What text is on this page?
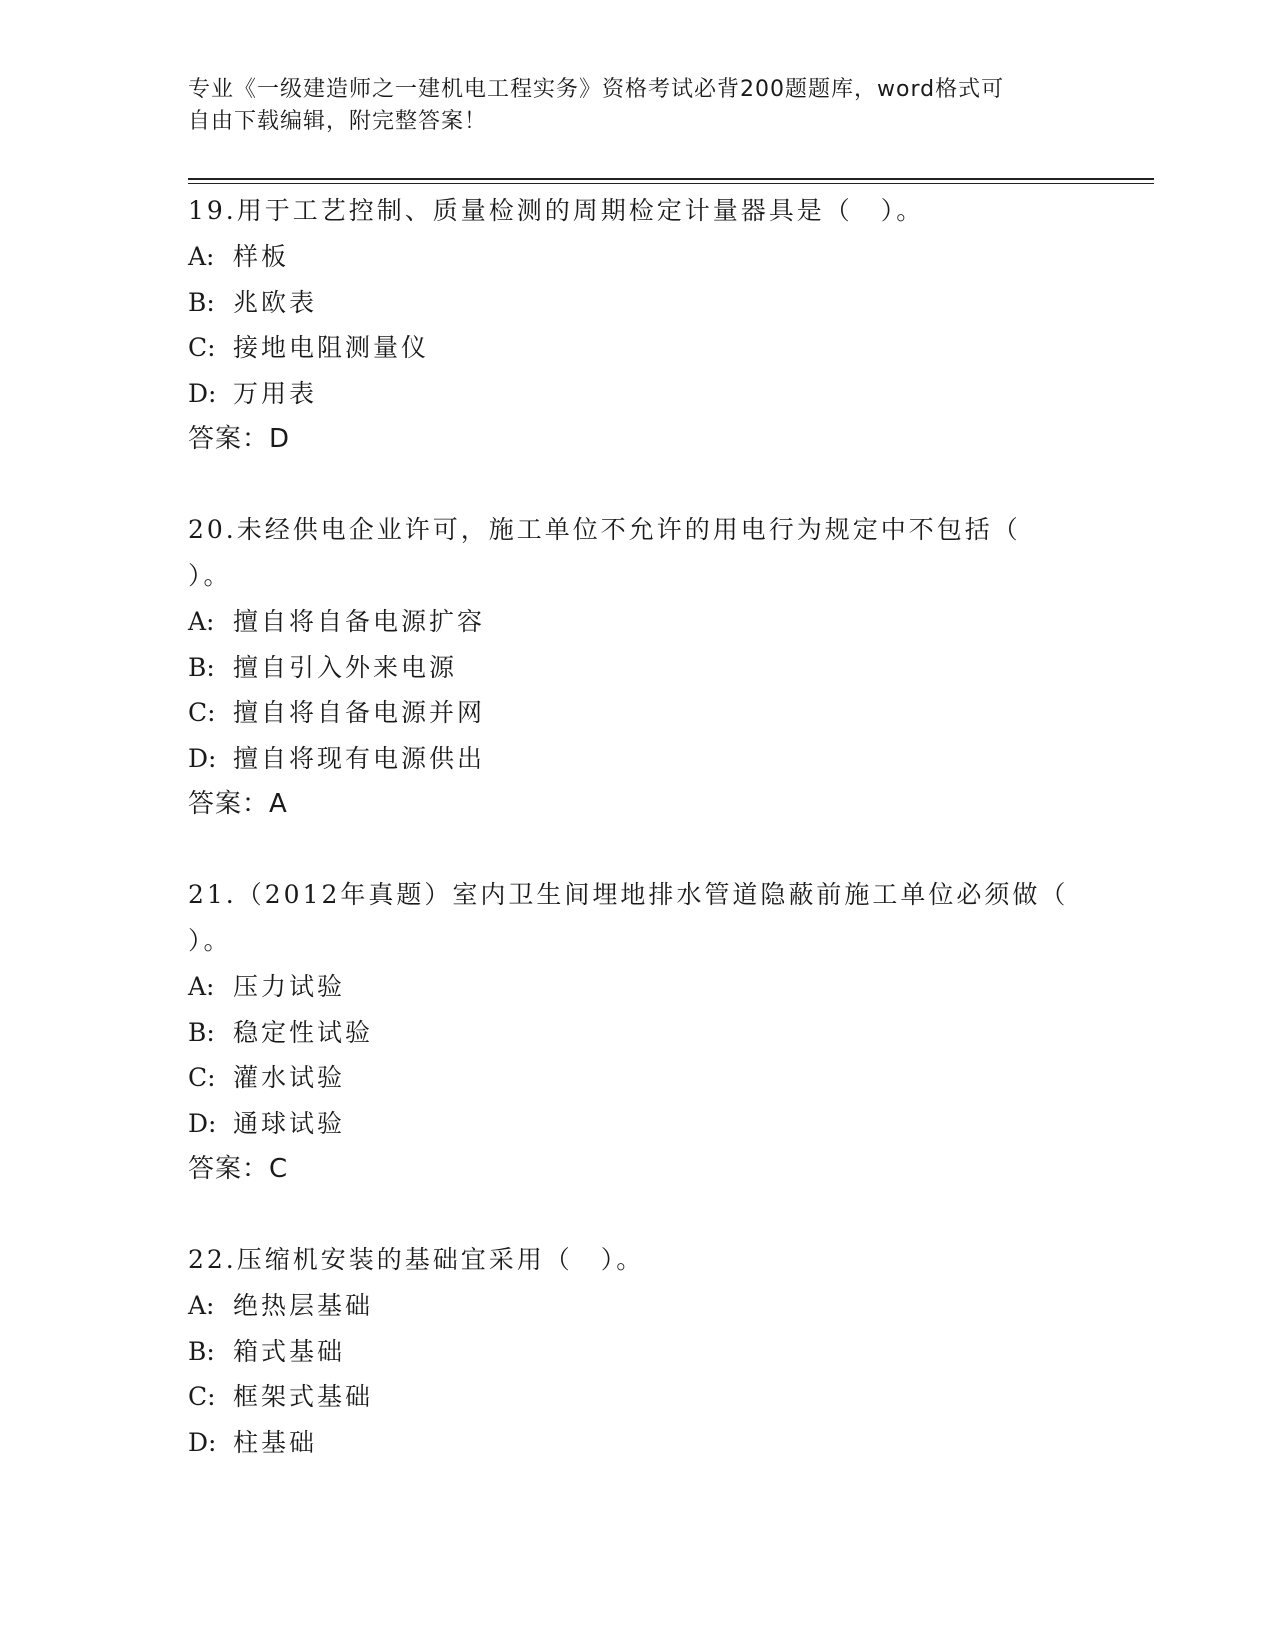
专业《一级建造师之一建机电工程实务》资格考试必背200题题库，word格式可
自由下载编辑，附完整答案！
19.用于工艺控制、质量检测的周期检定计量器具是（　）。
A: 样板
B: 兆欧表
C: 接地电阻测量仪
D: 万用表
答案：D
20.未经供电企业许可，施工单位不允许的用电行为规定中不包括（
）。
A: 擅自将自备电源扩容
B: 擅自引入外来电源
C: 擅自将自备电源并网
D: 擅自将现有电源供出
答案：A
21.（2012年真题）室内卫生间埋地排水管道隐蔽前施工单位必须做（
）。
A: 压力试验
B: 稳定性试验
C: 灌水试验
D: 通球试验
答案：C
22.压缩机安装的基础宜采用（　）。
A: 绝热层基础
B: 箱式基础
C: 框架式基础
D: 柱基础
